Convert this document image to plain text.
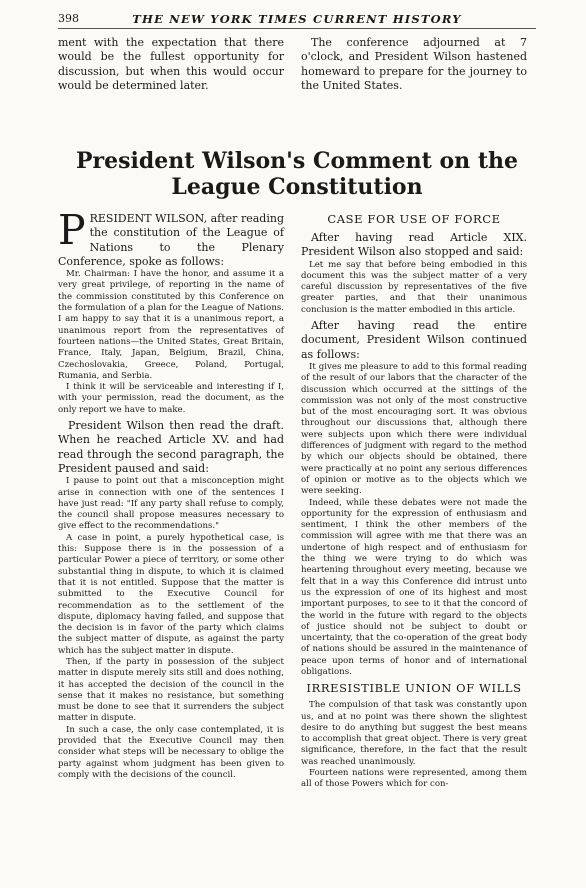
398	THE NEW YORK TIMES CURRENT HISTORY

ment with the expectation that there would be the fullest opportunity for discussion, but when this would occur would be determined later.

The conference adjourned at 7 o'clock, and President Wilson hastened homeward to prepare for the journey to the United States.

President Wilson's Comment on the League Constitution

PRESIDENT WILSON, after reading the constitution of the League of Nations to the Plenary Conference, spoke as follows:

Mr. Chairman: I have the honor, and assume it a very great privilege, of reporting in the name of the commission constituted by this Conference on the formulation of a plan for the League of Nations. I am happy to say that it is a unanimous report, a unanimous report from the representatives of fourteen nations—the United States, Great Britain, France, Italy, Japan, Belgium, Brazil, China, Czechoslovakia, Greece, Poland, Portugal, Rumania, and Serbia.

I think it will be serviceable and interesting if I, with your permission, read the document, as the only report we have to make.

President Wilson then read the draft. When he reached Article XV. and had read through the second paragraph, the President paused and said:

I pause to point out that a misconception might arise in connection with one of the sentences I have just read: "If any party shall refuse to comply, the council shall propose measures necessary to give effect to the recommendations."

A case in point, a purely hypothetical case, is this: Suppose there is in the possession of a particular Power a piece of territory, or some other substantial thing in dispute, to which it is claimed that it is not entitled. Suppose that the matter is submitted to the Executive Council for recommendation as to the settlement of the dispute, diplomacy having failed, and suppose that the decision is in favor of the party which claims the subject matter of dispute, as against the party which has the subject matter in dispute.

Then, if the party in possession of the subject matter in dispute merely sits still and does nothing, it has accepted the decision of the council in the sense that it makes no resistance, but something must be done to see that it surrenders the subject matter in dispute.

In such a case, the only case contemplated, it is provided that the Executive Council may then consider what steps will be necessary to oblige the party against whom judgment has been given to comply with the decisions of the council.

CASE FOR USE OF FORCE

After having read Article XIX. President Wilson also stopped and said:

Let me say that before being embodied in this document this was the subject matter of a very careful discussion by representatives of the five greater parties, and that their unanimous conclusion is the matter embodied in this article.

After having read the entire document, President Wilson continued as follows:

It gives me pleasure to add to this formal reading of the result of our labors that the character of the discussion which occurred at the sittings of the commission was not only of the most constructive but of the most encouraging sort. It was obvious throughout our discussions that, although there were subjects upon which there were individual differences of judgment with regard to the method by which our objects should be obtained, there were practically at no point any serious differences of opinion or motive as to the objects which we were seeking.

Indeed, while these debates were not made the opportunity for the expression of enthusiasm and sentiment, I think the other members of the commission will agree with me that there was an undertone of high respect and of enthusiasm for the thing we were trying to do which was heartening throughout every meeting, because we felt that in a way this Conference did intrust unto us the expression of one of its highest and most important purposes, to see to it that the concord of the world in the future with regard to the objects of justice should not be subject to doubt or uncertainty, that the co-operation of the great body of nations should be assured in the maintenance of peace upon terms of honor and of international obligations.

IRRESISTIBLE UNION OF WILLS

The compulsion of that task was constantly upon us, and at no point was there shown the slightest desire to do anything but suggest the best means to accomplish that great object. There is very great significance, therefore, in the fact that the result was reached unanimously.

Fourteen nations were represented, among them all of those Powers which for con-
